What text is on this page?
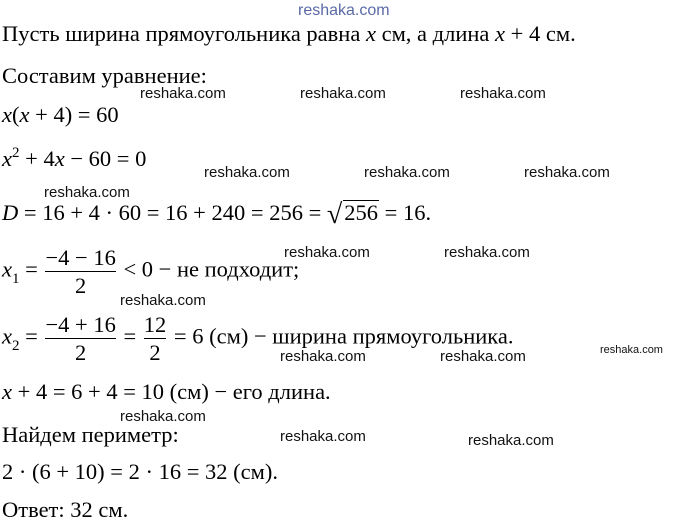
reshaka.com
reshaka.com	reshaka.com	reshaka.com
reshaka.com	reshaka.com	reshaka.com
reshaka.com
reshaka.com	reshaka.com
reshaka.com
reshaka.com	reshaka.com	reshaka.com
reshaka.com
reshaka.com	reshaka.com
Пусть ширина прямоугольника равна x см, а длина x + 4 см.
Составим уравнение:
x(x + 4) = 60
$x^2 + 4x - 60 = 0$
D = 16 + 4 · 60 = 16 + 240 = 256 = √256 = 16.
$x_1 = \frac{-4 - 16}{2} < 0$ − не подходит;
$x_2 = \frac{-4 + 16}{2} = \frac{12}{2} = 6$ (см) − ширина прямоугольника.
x + 4 = 6 + 4 = 10 (см) − его длина.
Найдем периметр:
2 · (6 + 10) = 2 · 16 = 32 (см).
Ответ: 32 см.
